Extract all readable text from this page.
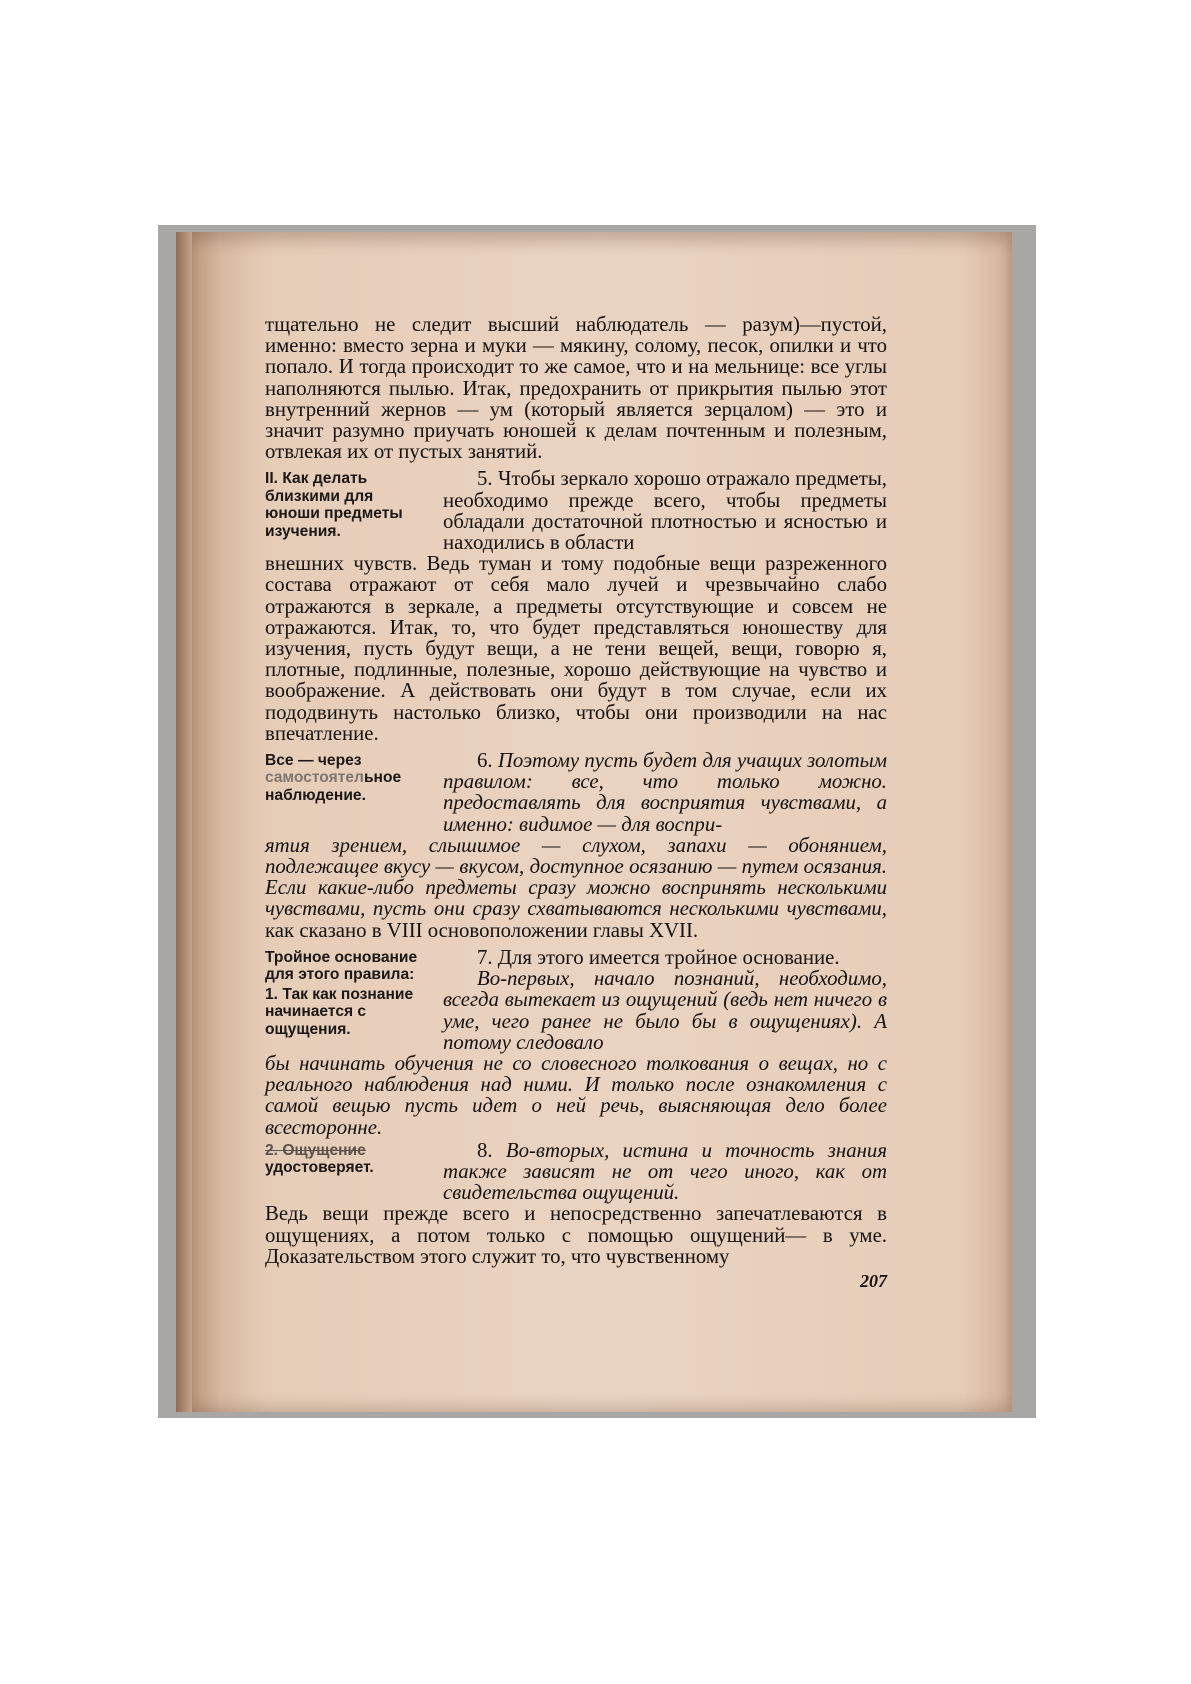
тщательно не следит высший наблюдатель — разум)—пустой, именно: вместо зерна и муки — мякину, солому, песок, опилки и что попало. И тогда происходит то же самое, что и на мельнице: все углы наполняются пылью. Итак, предохранить от прикрытия пылью этот внутренний жернов — ум (который является зерцалом) — это и значит разумно приучать юношей к делам почтенным и полезным, отвлекая их от пустых занятий.

II. Как делать близкими для юноши предметы изучения.

5. Чтобы зеркало хорошо отражало предметы, необходимо прежде всего, чтобы предметы обладали достаточной плотностью и ясностью и находились в области

внешних чувств. Ведь туман и тому подобные вещи разреженного состава отражают от себя мало лучей и чрезвычайно слабо отражаются в зеркале, а предметы отсутствующие и совсем не отражаются. Итак, то, что будет представляться юношеству для изучения, пусть будут вещи, а не тени вещей, вещи, говорю я, плотные, подлинные, полезные, хорошо действующие на чувство и воображение. А действовать они будут в том случае, если их пододвинуть настолько близко, чтобы они производили на нас впечатление.

Все — через самостоятельное наблюдение.

6. Поэтому пусть будет для учащих золотым правилом: все, что только можно. предоставлять для восприятия чувствами, а именно: видимое — для воспри-

ятия зрением, слышимое — слухом, запахи — обонянием, подлежащее вкусу — вкусом, доступное осязанию — путем осязания. Если какие-либо предметы сразу можно воспринять несколькими чувствами, пусть они сразу схватываются несколькими чувствами, как сказано в VIII основоположении главы XVII.

Тройное основание для этого правила:
1. Так как познание начинается с ощущения.

7. Для этого имеется тройное основание.

Во-первых, начало познаний, необходимо, всегда вытекает из ощущений (ведь нет ничего в уме, чего ранее не было бы в ощущениях). А потому следовало

бы начинать обучения не со словесного толкования о вещах, но с реального наблюдения над ними. И только после ознакомления с самой вещью пусть идет о ней речь, выясняющая дело более всесторонне.

2. Ощущение
удостоверяет.

8. Во-вторых, истина и точность знания также зависят не от чего иного, как от свидетельства ощущений.

Ведь вещи прежде всего и непосредственно запечатлеваются в ощущениях, а потом только с помощью ощущений— в уме. Доказательством этого служит то, что чувственному

207
